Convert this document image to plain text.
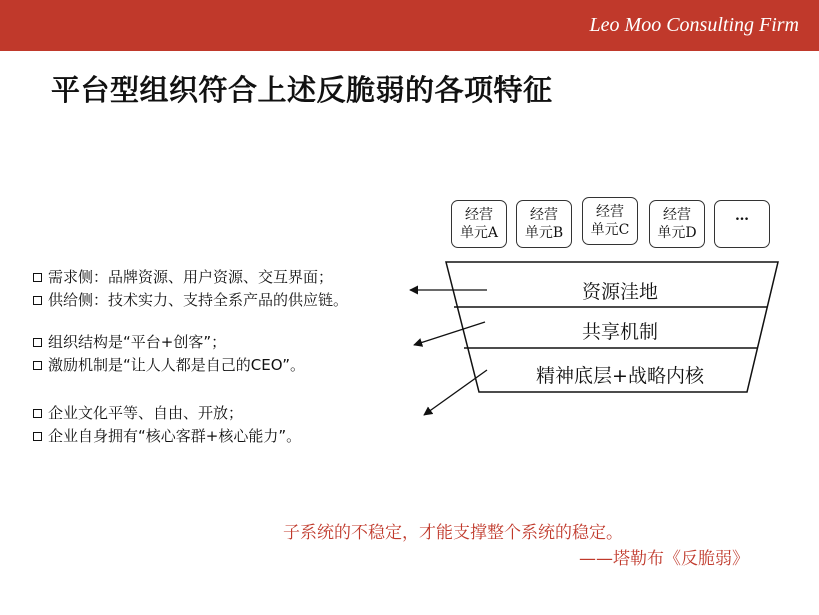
Leo Moo Consulting Firm
平台型组织符合上述反脆弱的各项特征
经营
单元A
经营
单元B
经营
单元C
经营
单元D
…
资源洼地
共享机制
精神底层+战略内核
需求侧：品牌资源、用户资源、交互界面；
供给侧：技术实力、支持全系产品的供应链。
组织结构是“平台+创客”；
激励机制是“让人人都是自己的CEO”。
企业文化平等、自由、开放；
企业自身拥有“核心客群+核心能力”。
子系统的不稳定，才能支撑整个系统的稳定。
——塔勒布《反脆弱》
